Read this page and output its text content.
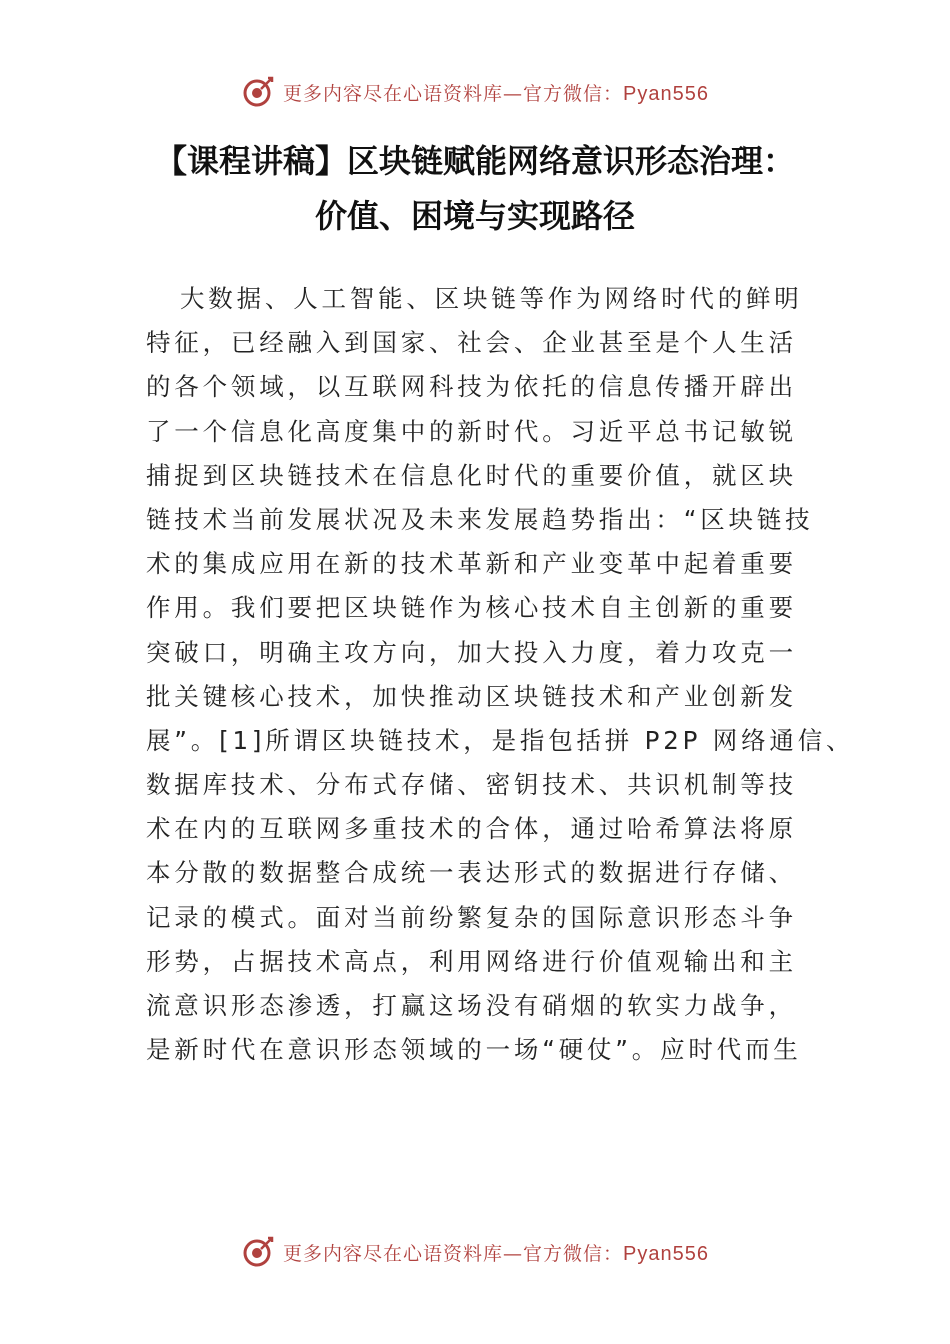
更多内容尽在心语资料库—官方微信：Pyan556
【课程讲稿】区块链赋能网络意识形态治理：
价值、困境与实现路径
大数据、人工智能、区块链等作为网络时代的鲜明
特征，已经融入到国家、社会、企业甚至是个人生活
的各个领域，以互联网科技为依托的信息传播开辟出
了一个信息化高度集中的新时代。习近平总书记敏锐
捕捉到区块链技术在信息化时代的重要价值，就区块
链技术当前发展状况及未来发展趋势指出：“区块链技
术的集成应用在新的技术革新和产业变革中起着重要
作用。我们要把区块链作为核心技术自主创新的重要
突破口，明确主攻方向，加大投入力度，着力攻克一
批关键核心技术，加快推动区块链技术和产业创新发
展”。[1]所谓区块链技术，是指包括拼 P2P 网络通信、
数据库技术、分布式存储、密钥技术、共识机制等技
术在内的互联网多重技术的合体，通过哈希算法将原
本分散的数据整合成统一表达形式的数据进行存储、
记录的模式。面对当前纷繁复杂的国际意识形态斗争
形势，占据技术高点，利用网络进行价值观输出和主
流意识形态渗透，打赢这场没有硝烟的软实力战争，
是新时代在意识形态领域的一场“硬仗”。应时代而生
更多内容尽在心语资料库—官方微信：Pyan556
